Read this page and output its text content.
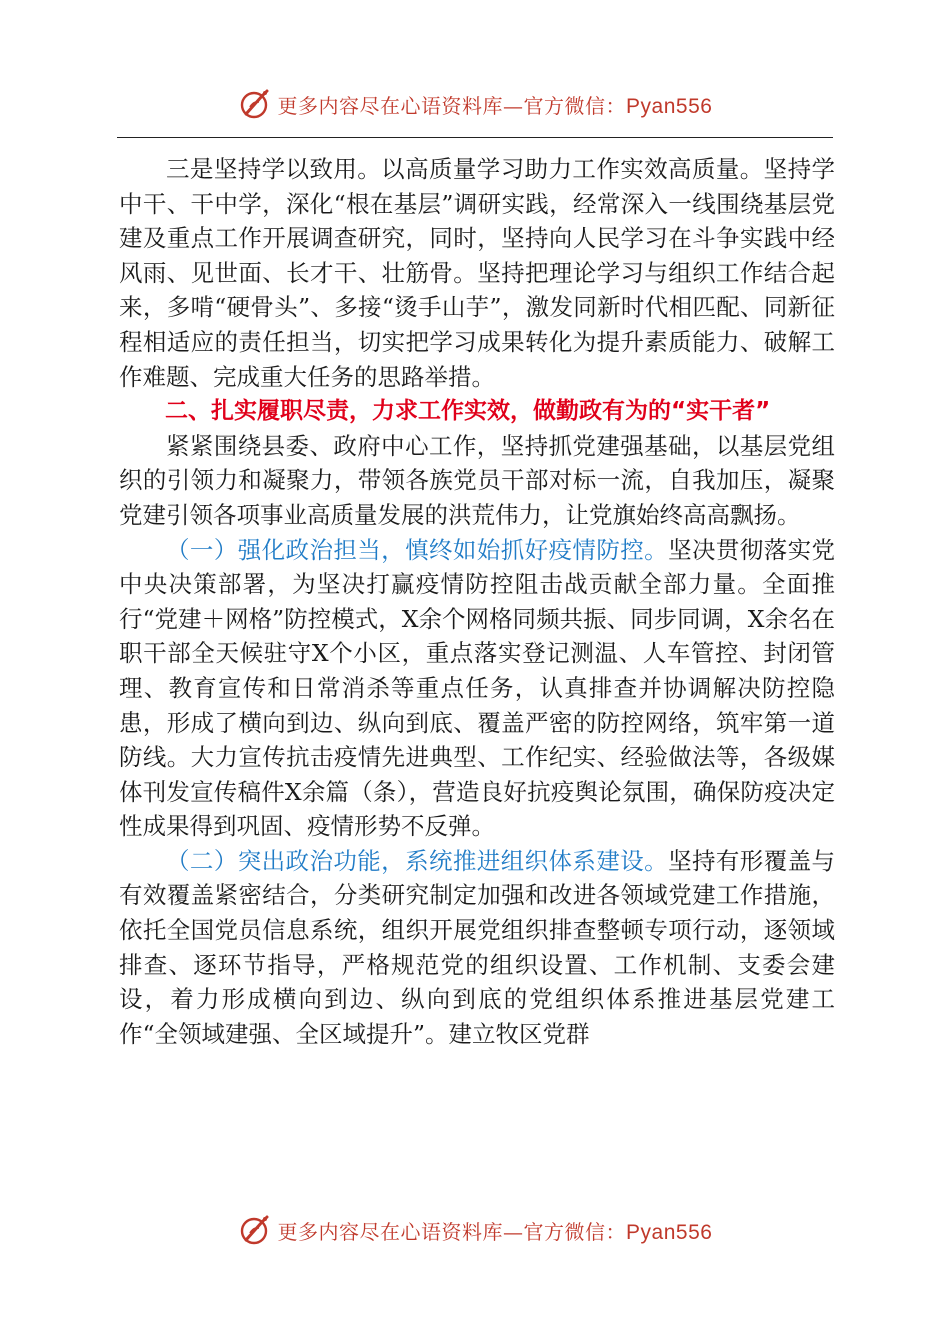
更多内容尽在心语资料库—官方微信：Pyan556

三是坚持学以致用。以高质量学习助力工作实效高质量。坚持学中干、干中学，深化“根在基层”调研实践，经常深入一线围绕基层党建及重点工作开展调查研究，同时，坚持向人民学习在斗争实践中经风雨、见世面、长才干、壮筋骨。坚持把理论学习与组织工作结合起来，多啃“硬骨头”、多接“烫手山芋”，激发同新时代相匹配、同新征程相适应的责任担当，切实把学习成果转化为提升素质能力、破解工作难题、完成重大任务的思路举措。

二、扎实履职尽责，力求工作实效，做勤政有为的“实干者”

紧紧围绕县委、政府中心工作，坚持抓党建强基础，以基层党组织的引领力和凝聚力，带领各族党员干部对标一流，自我加压，凝聚党建引领各项事业高质量发展的洪荒伟力，让党旗始终高高飘扬。

（一）强化政治担当，慎终如始抓好疫情防控。坚决贯彻落实党中央决策部署，为坚决打赢疫情防控阻击战贡献全部力量。全面推行“党建＋网格”防控模式，X余个网格同频共振、同步同调，X余名在职干部全天候驻守X个小区，重点落实登记测温、人车管控、封闭管理、教育宣传和日常消杀等重点任务，认真排查并协调解决防控隐患，形成了横向到边、纵向到底、覆盖严密的防控网络，筑牢第一道防线。大力宣传抗击疫情先进典型、工作纪实、经验做法等，各级媒体刊发宣传稿件X余篇（条），营造良好抗疫舆论氛围，确保防疫决定性成果得到巩固、疫情形势不反弹。

（二）突出政治功能，系统推进组织体系建设。坚持有形覆盖与有效覆盖紧密结合，分类研究制定加强和改进各领域党建工作措施，依托全国党员信息系统，组织开展党组织排查整顿专项行动，逐领域排查、逐环节指导，严格规范党的组织设置、工作机制、支委会建设，着力形成横向到边、纵向到底的党组织体系推进基层党建工作“全领域建强、全区域提升”。建立牧区党群

更多内容尽在心语资料库—官方微信：Pyan556
